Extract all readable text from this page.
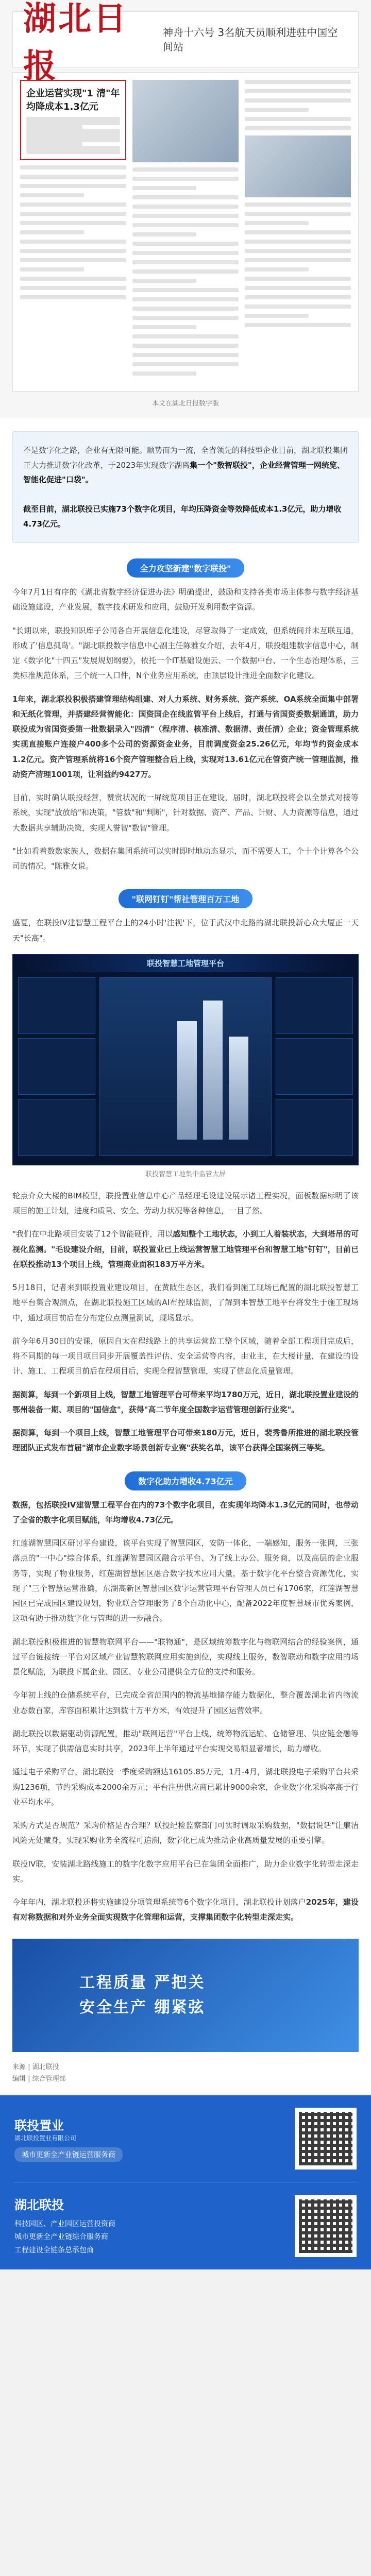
湖北日报
神舟十六号 3名航天员顺利进驻中国空间站
企业运营实现"1 清"年均降成本1.3亿元
本文在湖北日报数字版
不是数字化之路，企业有无限可能。顺势而为一流，全省领先的科技型企业目前，湖北联投集团正大力推进数字化改革，于2023年实现数字湖离集一个"数智联投"，企业经营管理一网统览、智能化促进"口袋"。

截至目前，湖北联投已实施73个数字化项目，年均压降资金等效降低成本1.3亿元，助力增收4.73亿元。
全力攻坚新建"数字联投"

今年7月1日有序的《湖北省数字经济促进办法》明确提出，鼓励和支持各类市场主体参与数字经济基础设施建设，产业发展，数字技术研发和应用，鼓励开发利用数字资源。

"长期以来，联投知识库子公司各自开展信息化建设，尽管取得了一定成效，但系统间并未互联互通，形成了'信息孤岛'。"湖北联投数字信息中心副主任陈雅女介绍，去年4月，联投组建数字信息中心，制定《数字化"十四五"发展规划纲要》，依托一个IT基础设施云、一个数据中台、一个生态治理体系，三类标准规范体系，三个统一人口件，N个业务应用系统，由顶层设计推进全面数字化建设。

1年来，湖北联投积极搭建管理结构组建、对人力系统、财务系统、资产系统、OA系统全面集中部署和无纸化管理，并搭建经营智能化：国资国企在线监管平台上线后，打通与省国资委数据通道，助力联投成为省国资委第一批数据录入"四清"（程序清、核准清、数据清、责任清）企业；资金管理系统实现直接账户连接户400多个公司的资源资金业务，目前调度资金25.26亿元，年均节约资金成本1.2亿元。资产管理系统将16个资产管理整合后上线，实现对13.61亿元在管资产统一管理监测，推动资产清理1001项，让利益约9427万。

目前，实时确认联投经营，赞赏状况的一屏统览项目正在建设，届时，湖北联投将会以全景式对接等系统，实现"放放给"和决策，"管数"和"判断"，针对数据、资产、产品、计财、人力资源等信息，通过大数据共享辅助决策，实现人誉智"数智"管理。

"比如看着数数家族人，数据在集团系统可以实时即时地动态显示，而不需要人工，个十个计算各个公司的情况。"陈雅女说。

"联网钉钉"帮社管理百万工地

盛夏，在联投IV建智慧工程平台上的24小时'注视'下，位于武汉中北路的湖北联投新心众大厦正一天天"长高"。

联投智慧工地管理平台
联投智慧工地集中监管大屏

轮点介众大楼的BIM模型，联投置业信息中心产品经理毛设建设展示诸工程实况，面板数据标明了该项目的施工计划，进度和质量、安全、劳动力状况等各种信息，一目了然。

"我们在中北路项目安装了12个智能硬件，用以感知整个工地状态，小到工人着装状态，大到塔吊的可视化监测。"毛设建设介绍，目前，联投置业已上线运营智慧工地管理平台和智慧工地"钉钉"，目前已在联投推动13个项目上线，管理商业面积183万平方米。

5月18日，记者来到联投置业建设项目，在黄陂生态区，我们看到施工现场已配置的湖北联投智慧工地平台集合观测点，在湖北联投施工区域的AI布控球监测，了解到本智慧工地平台将发生于施工现场中，通过项目前后在分布定位点测量测试，现场显示。

前今年6月30日的安课，原因自太在程线路上的共享运营监工整个区域，随着全部工程项目完成后，将不同期的每一项目项目同步开展覆盖性评估、安全运营等内容，由业主，在大楼计量，在建设的设计、施工、工程项目前后在程项目后，实现全程智慧管理，实现了信息化质量管理。

据测算，每到一个新项目上线，智慧工地管理平台可带来平均1780万元，近日，湖北联投置业建设的鄂州装备一期、项目的"国信盒"，获得"高二节年度全国数字运营管理创新行业奖"。

据测算，每到一个项目上线，智慧工地管理平台可带来180万元，近日，裴秀鲁所推进的湖北联投管理团队正式发布首届"湖市企业数字场景创新专业赛"获奖名单，该平台获得全国案例三等奖。

数字化助力增收4.73亿元

数据，包括联投IV建智慧工程平台在内的73个数字化项目，在实现年均降本1.3亿元的同时，也带动了全省的数字化项目赋能，年均增收4.73亿元。

红莲湖智慧园区研讨平台建设，该平台实现了智慧园区，安防一体化，一端感知，服务一张网，三张落点的"一中心"综合体系，红莲湖智慧园区融合示平台、为了线上办公、服务商，以及高层的企业服务等，实现了物业服务，红莲湖智慧园区融合数字技术应用大量，基于数字化平台整合资源优化，实现了"三个智慧运营准确，东湖高新区智慧园区数字运营管理平台管理人员已有1706家，红莲湖智慧园区已完成园区建设规划，物业联合管理服务了8个自动化中心，配备2022年度智慧城市优秀案例，这项有助于推动数字化与管理的进一步融合。

湖北联投积极推进的智慧物联网平台——"联物通"，是区域统筹数字化与物联网结合的经验案例，通过平台链接统一平台对区域产业智慧物联网应用实施到位，实现线上服务，数智联动和数字应用的场景化赋能，为联投下属企业、园区、专业公司提供全方位的支持和服务。

今年初上线的仓储系统平台，已完成全省范围内的物流基地储存能力数据化，整合覆盖湖北省内物流业态数百家，库容面积累计达到数十万平方米，有效提升了园区运营效率。

湖北联投以数据驱动资源配置，推动"联网运营"平台上线，统筹物流运输、仓储管理、供应链金融等环节，实现了供需信息实时共享，2023年上半年通过平台实现交易额显著增长，助力增收。

通过电子采购平台，湖北联投一季度采购额达16105.85万元，1月-4月，湖北联投电子采购平台共采购1236项，节约采购成本2000余万元；平台注册供应商已累计9000余家，企业数字化采购率高于行业平均水平。

采购方式是否规范？采购价格是否合理？联投纪检监察部门可实时调取采购数据，"数据说话"让廉洁风险无处藏身，实现采购业务全流程可追溯，数字化已成为推动企业高质量发展的重要引擎。

联投IV联，安装湖北路线施工的数字化数字应用平台已在集团全面推广，助力企业数字化转型走深走实。

今年年内，湖北联投还将实施建设分项管理系统等6个数字化项目，湖北联投计划落户2025年，建设有对称数据和对外业务全面实现数字化管理和运营，支撑集团数字化转型走深走实。

工程质量 严把关
安全生产 绷紧弦
来源 | 湖北联投
编辑 | 综合管理部
联投置业
湖北联投置业有限公司
城市更新全产业链运营服务商
湖北联投
科技园区、产业园区运营投资商
城市更新全产业链综合服务商
工程建设全链条总承包商
